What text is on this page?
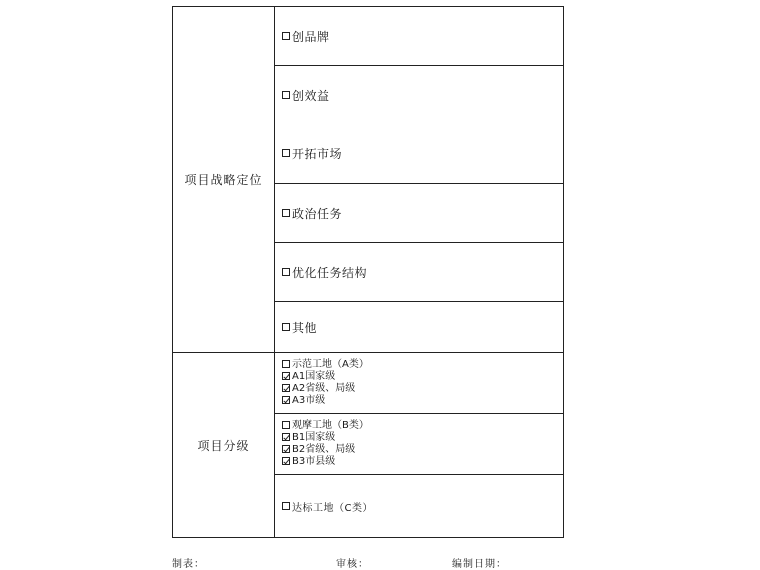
项目战略定位
创品牌
创效益
开拓市场
政治任务
优化任务结构
其他
项目分级
示范工地（A类）
A1国家级
A2省级、局级
A3市级
观摩工地（B类）
B1国家级
B2省级、局级
B3市县级
达标工地（C类）
制表：	审核：	编制日期：
